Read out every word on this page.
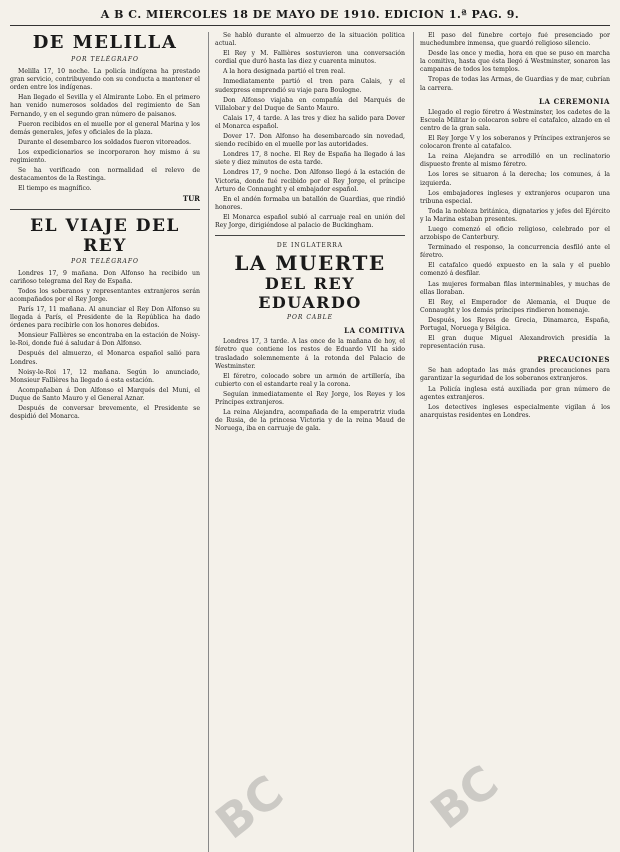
A B C. MIERCOLES 18 DE MAYO DE 1910. EDICION 1.ª PAG. 9.
DE MELILLA
POR TELÉGRAFO

Melilla 17, 10 noche. La policía indígena ha prestado gran servicio, contribuyendo con su conducta a mantener el orden entre los indígenas.

Han llegado el Sevilla y el Almirante Lobo. En el primero han venido numerosos soldados del regimiento de San Fernando, y en el segundo gran número de paisanos.

Fueron recibidos en el muelle por el general Marina y los demás generales, jefes y oficiales de la plaza.

Durante el desembarco los soldados fueron vitoreados.

Los expedicionarios se incorporaron hoy mismo á su regimiento.

Se ha verificado con normalidad el relevo de destacamentos de la Restinga.

El tiempo es magnífico.

TUR
EL VIAJE DEL REY
POR TELÉGRAFO

Londres 17, 9 mañana. Don Alfonso ha recibido un cariñoso telegrama del Rey de España.

Todos los soberanos y representantes extranjeros serán acompañados por el Rey Jorge.

París 17, 11 mañana. Al anunciar el Rey Don Alfonso su llegada á París, el Presidente de la República ha dado órdenes para recibirle con los honores debidos.

Monsieur Fallières se encontraba en la estación de Noisy-le-Roi, donde fué á saludar á Don Alfonso.

Después del almuerzo, el Monarca español salió para Londres.

Noisy-le-Roi 17, 12 mañana. Según lo anunciado, Monsieur Fallières ha llegado á esta estación.

Acompañaban á Don Alfonso el Marqués del Muni, el Duque de Santo Mauro y el General Aznar.

Después de conversar brevemente, el Presidente se despidió del Monarca.

Se habló durante el almuerzo de la situación política actual.

El Rey y M. Fallières sostuvieron una conversación cordial que duró hasta las diez y cuarenta minutos.

A la hora designada partió el tren real.

Inmediatamente partió el tren para Calais, y el sudexpress emprendió su viaje para Boulogne.

Don Alfonso viajaba en compañía del Marqués de Villalobar y del Duque de Santo Mauro.

Calais 17, 4 tarde. A las tres y diez ha salido para Dover el Monarca español.

Dover 17. Don Alfonso ha desembarcado sin novedad, siendo recibido en el muelle por las autoridades.

Londres 17, 8 noche. El Rey de España ha llegado á las siete y diez minutos de esta tarde.

Londres 17, 9 noche. Don Alfonso llegó á la estación de Victoria, donde fué recibido por el Rey Jorge, el príncipe Arturo de Connaught y el embajador español.

En el andén formaba un batallón de Guardias, que rindió honores.

El Monarca español subió al carruaje real en unión del Rey Jorge, dirigiéndose al palacio de Buckingham.

DE INGLATERRA
LA MUERTE
DEL REY EDUARDO
POR CABLE
LA COMITIVA

Londres 17, 3 tarde. A las once de la mañana de hoy, el féretro que contiene los restos de Eduardo VII ha sido trasladado solemnemente á la rotonda del Palacio de Westminster.

El féretro, colocado sobre un armón de artillería, iba cubierto con el estandarte real y la corona.

Seguían inmediatamente el Rey Jorge, los Reyes y los Príncipes extranjeros.

La reina Alejandra, acompañada de la emperatriz viuda de Rusia, de la princesa Victoria y de la reina Maud de Noruega, iba en carruaje de gala.

El paso del fúnebre cortejo fué presenciado por muchedumbre inmensa, que guardó religioso silencio.

Desde las once y media, hora en que se puso en marcha la comitiva, hasta que ésta llegó á Westminster, sonaron las campanas de todos los templos.

Tropas de todas las Armas, de Guardias y de mar, cubrían la carrera.

LA CEREMONIA

Llegado el regio féretro á Westminster, los cadetes de la Escuela Militar lo colocaron sobre el catafalco, alzado en el centro de la gran sala.

El Rey Jorge V y los soberanos y Príncipes extranjeros se colocaron frente al catafalco.

La reina Alejandra se arrodilló en un reclinatorio dispuesto frente al mismo féretro.

Los lores se situaron á la derecha; los comunes, á la izquierda.

Los embajadores ingleses y extranjeros ocuparon una tribuna especial.

Toda la nobleza británica, dignatarios y jefes del Ejército y la Marina estaban presentes.

Luego comenzó el oficio religioso, celebrado por el arzobispo de Canterbury.

Terminado el responso, la concurrencia desfiló ante el féretro.

El catafalco quedó expuesto en la sala y el pueblo comenzó á desfilar.

Las mujeres formaban filas interminables, y muchas de ellas lloraban.

El Rey, el Emperador de Alemania, el Duque de Connaught y los demás príncipes rindieron homenaje.

Después, los Reyes de Grecia, Dinamarca, España, Portugal, Noruega y Bélgica.

El gran duque Miguel Alexandrovich presidía la representación rusa.

PRECAUCIONES

Se han adoptado las más grandes precauciones para garantizar la seguridad de los soberanos extranjeros.

La Policía inglesa está auxiliada por gran número de agentes extranjeros.

Los detectives ingleses especialmente vigilan á los anarquistas residentes en Londres.

BC	BC
